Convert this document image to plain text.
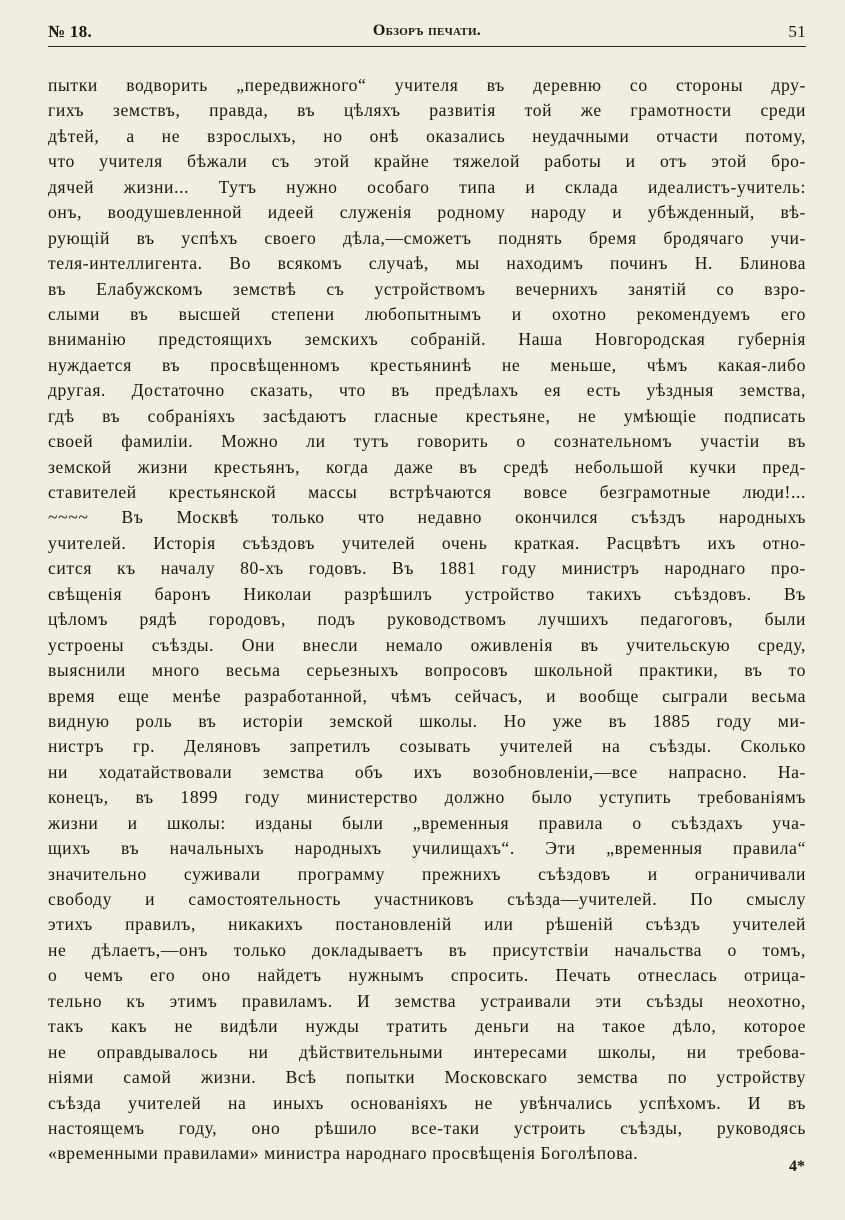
№ 18.	Обзоръ печати.	51
пытки водворить „передвижного“ учителя въ деревню со стороны дру-
гихъ земствъ, правда, въ цѣляхъ развитія той же грамотности среди
дѣтей, а не взрослыхъ, но онѣ оказались неудачными отчасти потому,
что учителя бѣжали съ этой крайне тяжелой работы и отъ этой бро-
дячей жизни... Тутъ нужно особаго типа и склада идеалистъ-учитель:
онъ, воодушевленной идеей служенія родному народу и убѣжденный, вѣ-
рующій въ успѣхъ своего дѣла,—сможетъ поднять бремя бродячаго учи-
теля-интеллигента. Во всякомъ случаѣ, мы находимъ починъ Н. Блинова
въ Елабужскомъ земствѣ съ устройствомъ вечернихъ занятій со взро-
слыми въ высшей степени любопытнымъ и охотно рекомендуемъ его
вниманію предстоящихъ земскихъ собраній. Наша Новгородская губернія
нуждается въ просвѣщенномъ крестьянинѣ не меньше, чѣмъ какая-либо
другая. Достаточно сказать, что въ предѣлахъ ея есть уѣздныя земства,
гдѣ въ собраніяхъ засѣдаютъ гласные крестьяне, не умѣющіе подписать
своей фамиліи. Можно ли тутъ говорить о сознательномъ участіи въ
земской жизни крестьянъ, когда даже въ средѣ небольшой кучки пред-
ставителей крестьянской массы встрѣчаются вовсе безграмотные люди!...
~~~~ Въ Москвѣ только что недавно окончился съѣздъ народныхъ
учителей. Исторія съѣздовъ учителей очень краткая. Расцвѣтъ ихъ отно-
сится къ началу 80-хъ годовъ. Въ 1881 году министръ народнаго про-
свѣщенія баронъ Николаи разрѣшилъ устройство такихъ съѣздовъ. Въ
цѣломъ рядѣ городовъ, подъ руководствомъ лучшихъ педагоговъ, были
устроены съѣзды. Они внесли немало оживленія въ учительскую среду,
выяснили много весьма серьезныхъ вопросовъ школьной практики, въ то
время еще менѣе разработанной, чѣмъ сейчасъ, и вообще сыграли весьма
видную роль въ исторіи земской школы. Но уже въ 1885 году ми-
нистръ гр. Деляновъ запретилъ созывать учителей на съѣзды. Сколько
ни ходатайствовали земства объ ихъ возобновленіи,—все напрасно. На-
конецъ, въ 1899 году министерство должно было уступить требованіямъ
жизни и школы: изданы были „временныя правила о съѣздахъ уча-
щихъ въ начальныхъ народныхъ училищахъ“. Эти „временныя правила“
значительно суживали программу прежнихъ съѣздовъ и ограничивали
свободу и самостоятельность участниковъ съѣзда—учителей. По смыслу
этихъ правилъ, никакихъ постановленій или рѣшеній съѣздъ учителей
не дѣлаетъ,—онъ только докладываетъ въ присутствіи начальства о томъ,
о чемъ его оно найдетъ нужнымъ спросить. Печать отнеслась отрица-
тельно къ этимъ правиламъ. И земства устраивали эти съѣзды неохотно,
такъ какъ не видѣли нужды тратить деньги на такое дѣло, которое
не оправдывалось ни дѣйствительными интересами школы, ни требова-
ніями самой жизни. Всѣ попытки Московскаго земства по устройству
съѣзда учителей на иныхъ основаніяхъ не увѣнчались успѣхомъ. И въ
настоящемъ году, оно рѣшило все-таки устроить съѣзды, руководясь
«временными правилами» министра народнаго просвѣщенія Боголѣпова.
4*
